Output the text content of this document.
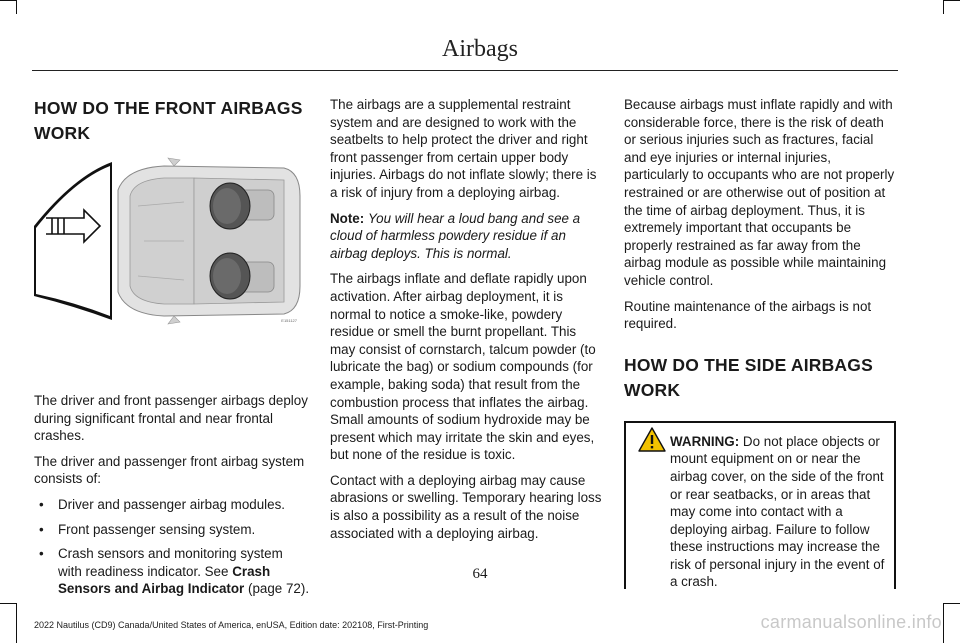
Airbags
HOW DO THE FRONT AIRBAGS WORK
E151127

The driver and front passenger airbags deploy during significant frontal and near frontal crashes.

The driver and passenger front airbag system consists of:

• Driver and passenger airbag modules.
• Front passenger sensing system.
• Crash sensors and monitoring system with readiness indicator. See Crash Sensors and Airbag Indicator (page 72).

The airbags are a supplemental restraint system and are designed to work with the seatbelts to help protect the driver and right front passenger from certain upper body injuries. Airbags do not inflate slowly; there is a risk of injury from a deploying airbag.

Note: You will hear a loud bang and see a cloud of harmless powdery residue if an airbag deploys. This is normal.

The airbags inflate and deflate rapidly upon activation. After airbag deployment, it is normal to notice a smoke-like, powdery residue or smell the burnt propellant. This may consist of cornstarch, talcum powder (to lubricate the bag) or sodium compounds (for example, baking soda) that result from the combustion process that inflates the airbag. Small amounts of sodium hydroxide may be present which may irritate the skin and eyes, but none of the residue is toxic.

Contact with a deploying airbag may cause abrasions or swelling. Temporary hearing loss is also a possibility as a result of the noise associated with a deploying airbag.

Because airbags must inflate rapidly and with considerable force, there is the risk of death or serious injuries such as fractures, facial and eye injuries or internal injuries, particularly to occupants who are not properly restrained or are otherwise out of position at the time of airbag deployment. Thus, it is extremely important that occupants be properly restrained as far away from the airbag module as possible while maintaining vehicle control.

Routine maintenance of the airbags is not required.

HOW DO THE SIDE AIRBAGS WORK
WARNING: Do not place objects or mount equipment on or near the airbag cover, on the side of the front or rear seatbacks, or in areas that may come into contact with a deploying airbag. Failure to follow these instructions may increase the risk of personal injury in the event of a crash.
64
2022 Nautilus (CD9) Canada/United States of America, enUSA, Edition date: 202108, First-Printing	carmanualsonline.info
